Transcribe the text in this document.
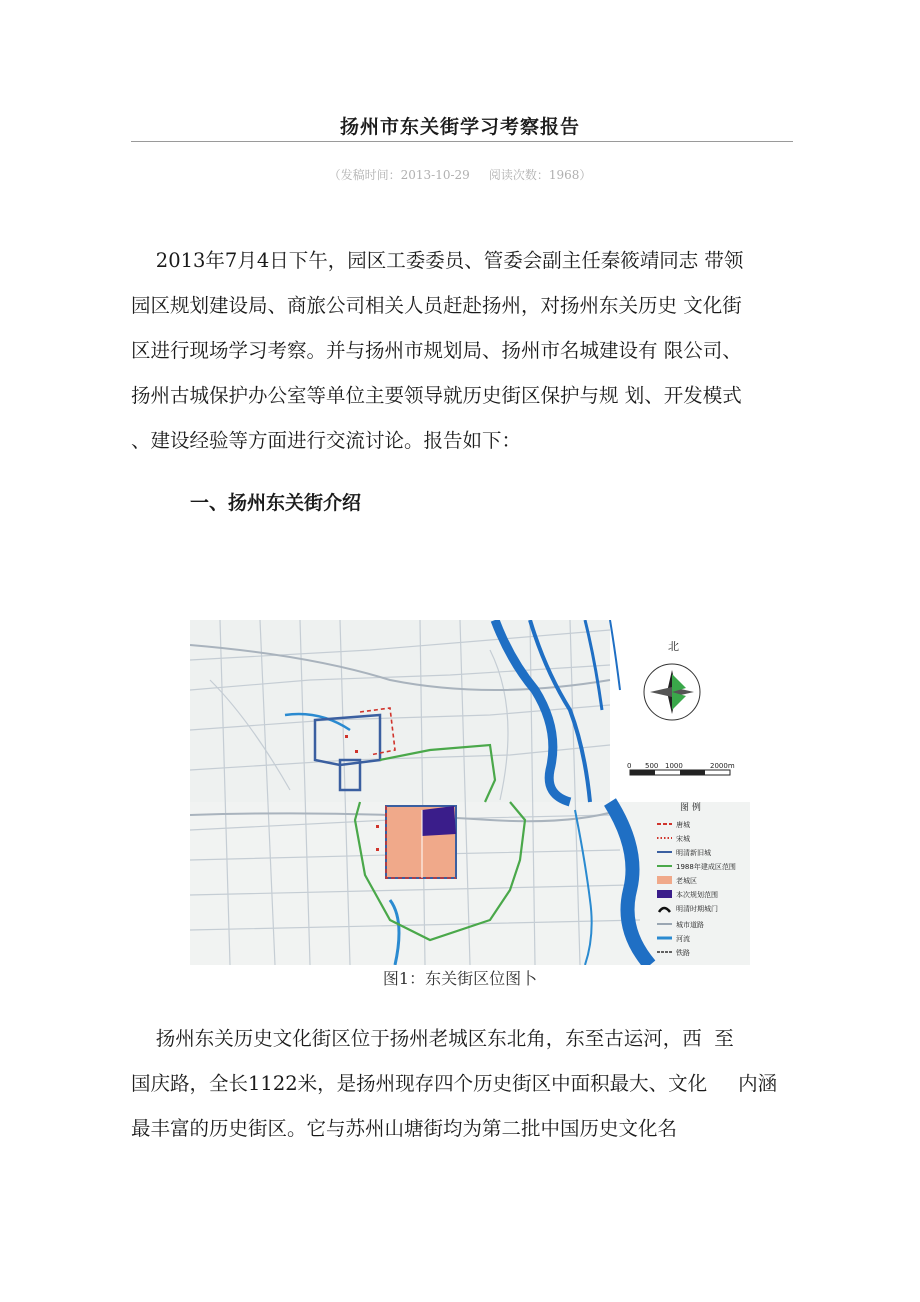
扬州市东关街学习考察报告
（发稿时间：2013-10-29     阅读次数：1968）
2013年7月4日下午，园区工委委员、管委会副主任秦筱靖同志 带领
园区规划建设局、商旅公司相关人员赶赴扬州，对扬州东关历史 文化街
区进行现场学习考察。并与扬州市规划局、扬州市名城建设有 限公司、
扬州古城保护办公室等单位主要领导就历史街区保护与规 划、开发模式
、建设经验等方面进行交流讨论。报告如下：
一、扬州东关街介绍
北
0 500 1000	2000m
图 例
唐城
宋城
明清新旧城
1988年建成区范围
老城区
本次规划范围
明清时期城门
城市道路
河流
铁路
图1：东关街区位图卜
扬州东关历史文化街区位于扬州老城区东北角，东至古运河，西  至
国庆路，全长1122米，是扬州现存四个历史街区中面积最大、文化     内涵
最丰富的历史街区。它与苏州山塘街均为第二批中国历史文化名
